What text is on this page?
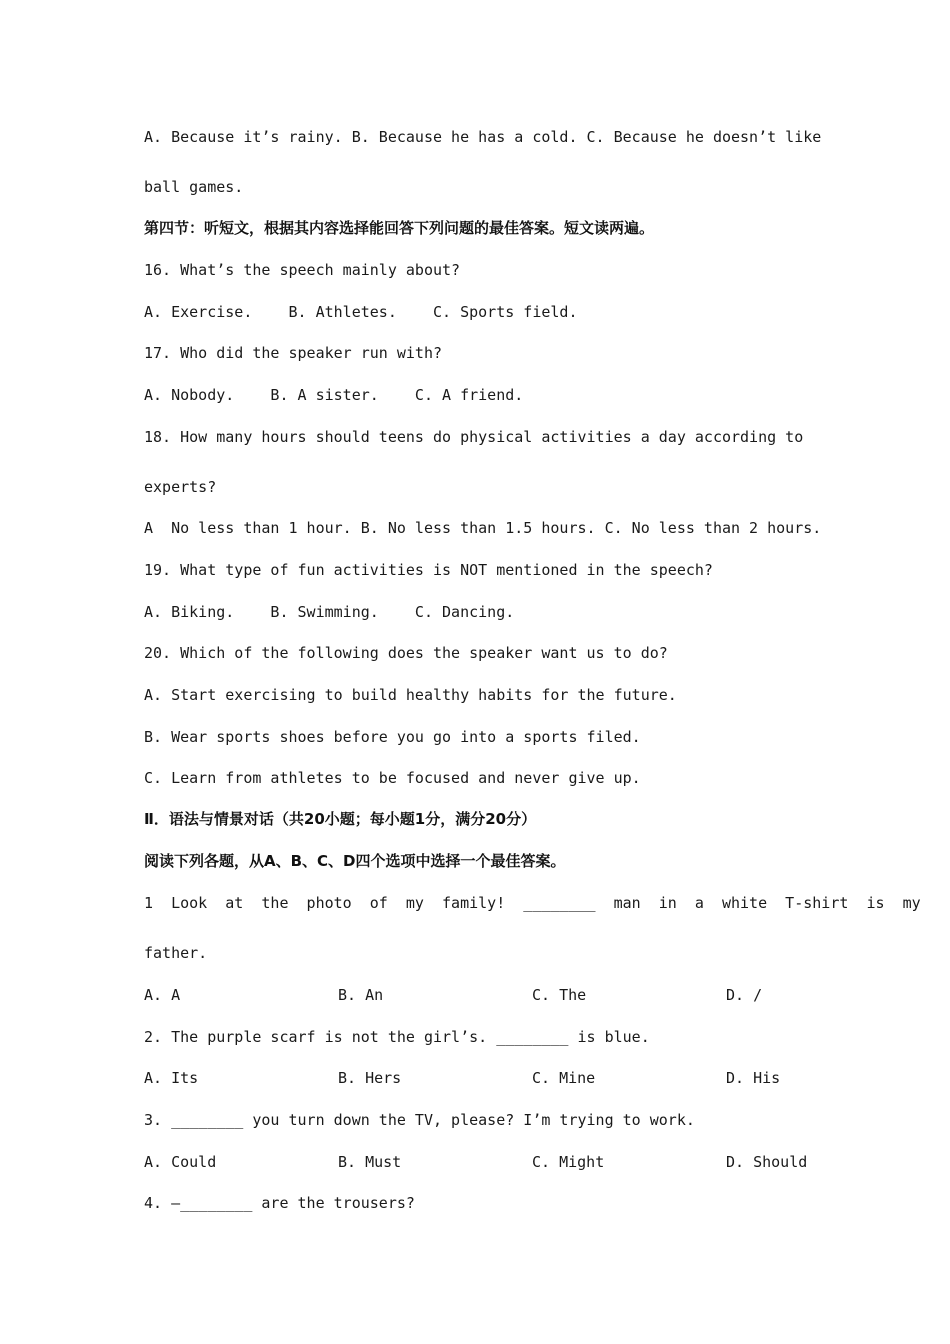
A. Because it’s rainy. B. Because he has a cold. C. Because he doesn’t like
ball games.
第四节：听短文，根据其内容选择能回答下列问题的最佳答案。短文读两遍。
16. What’s the speech mainly about?
A. Exercise.    B. Athletes.    C. Sports field.
17. Who did the speaker run with?
A. Nobody.    B. A sister.    C. A friend.
18. How many hours should teens do physical activities a day according to
experts?
A  No less than 1 hour. B. No less than 1.5 hours. C. No less than 2 hours.
19. What type of fun activities is NOT mentioned in the speech?
A. Biking.    B. Swimming.    C. Dancing.
20. Which of the following does the speaker want us to do?
A. Start exercising to build healthy habits for the future.
B. Wear sports shoes before you go into a sports filed.
C. Learn from athletes to be focused and never give up.
Ⅱ．语法与情景对话（共20小题；每小题1分，满分20分）
阅读下列各题，从A、B、C、D四个选项中选择一个最佳答案。
1  Look  at  the  photo  of  my  family!  ________  man  in  a  white  T-shirt  is  my
father.
A. A	B. An	C. The	D. /
2. The purple scarf is not the girl’s. ________ is blue.
A. Its	B. Hers	C. Mine	D. His
3. ________ you turn down the TV, please? I’m trying to work.
A. Could	B. Must	C. Might	D. Should
4. —________ are the trousers?
